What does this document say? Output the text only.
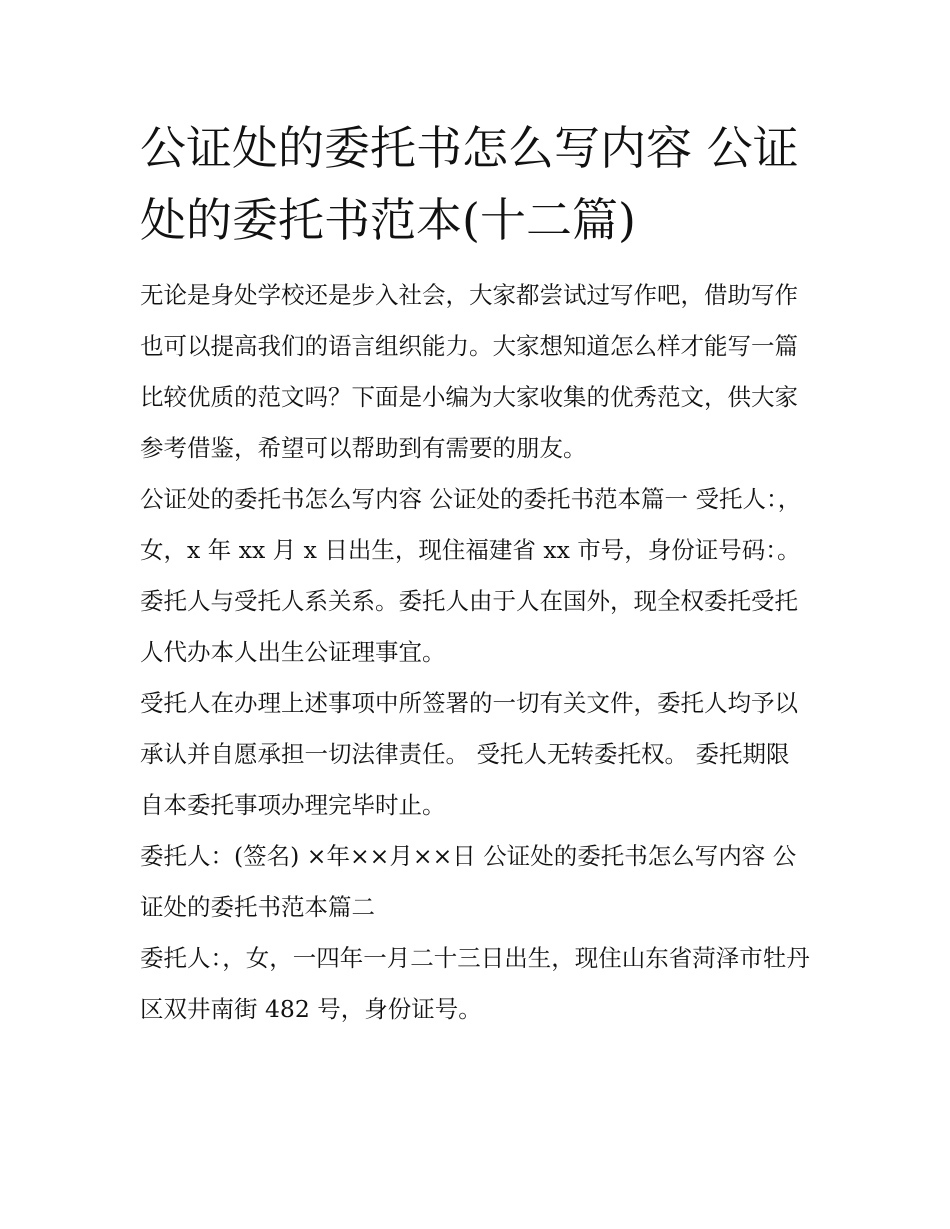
公证处的委托书怎么写内容 公证处的委托书范本(十二篇)

无论是身处学校还是步入社会，大家都尝试过写作吧，借助写作也可以提高我们的语言组织能力。大家想知道怎么样才能写一篇比较优质的范文吗？下面是小编为大家收集的优秀范文，供大家参考借鉴，希望可以帮助到有需要的朋友。

公证处的委托书怎么写内容 公证处的委托书范本篇一 受托人：，女，x 年 xx 月 x 日出生，现住福建省 xx 市号，身份证号码：。

委托人与受托人系关系。委托人由于人在国外，现全权委托受托人代办本人出生公证理事宜。

受托人在办理上述事项中所签署的一切有关文件，委托人均予以承认并自愿承担一切法律责任。 受托人无转委托权。 委托期限自本委托事项办理完毕时止。

委托人：(签名) ×年××月××日 公证处的委托书怎么写内容 公证处的委托书范本篇二

委托人：，女，一四年一月二十三日出生，现住山东省菏泽市牡丹区双井南街 482 号，身份证号。
